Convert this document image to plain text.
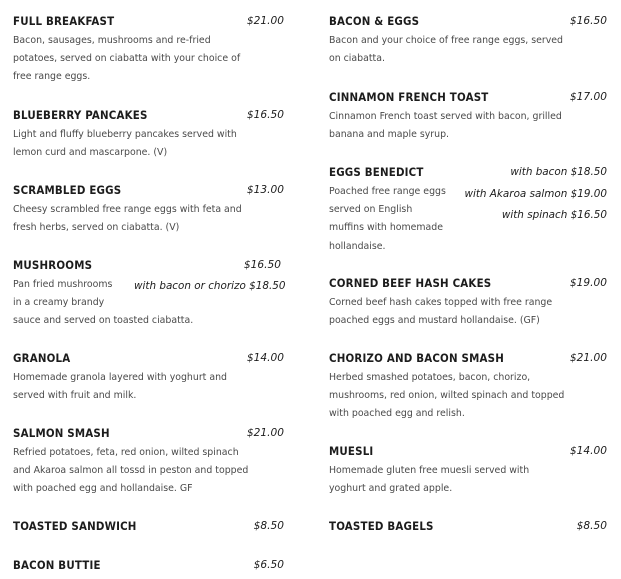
FULL BREAKFAST	$21.00
Bacon, sausages, mushrooms and re-fried
potatoes, served on ciabatta with your choice of
free range eggs.
BLUEBERRY PANCAKES	$16.50
Light and fluffy blueberry pancakes served with
lemon curd and mascarpone. (V)
SCRAMBLED EGGS	$13.00
Cheesy scrambled free range eggs with feta and
fresh herbs, served on ciabatta. (V)
MUSHROOMS	$16.50
with bacon or chorizo $18.50
Pan fried mushrooms
in a creamy brandy
sauce and served on toasted ciabatta.
GRANOLA	$14.00
Homemade granola layered with yoghurt and
served with fruit and milk.
SALMON SMASH	$21.00
Refried potatoes, feta, red onion, wilted spinach
and Akaroa salmon all tossd in peston and topped
with poached egg and hollandaise. GF
TOASTED SANDWICH	$8.50
BACON BUTTIE	$6.50
BACON & EGGS	$16.50
Bacon and your choice of free range eggs, served
on ciabatta.
CINNAMON FRENCH TOAST	$17.00
Cinnamon French toast served with bacon, grilled
banana and maple syrup.
EGGS BENEDICT	with bacon $18.50
with Akaroa salmon $19.00
with spinach $16.50
Poached free range eggs
served on English
muffins with homemade
hollandaise.
CORNED BEEF HASH CAKES	$19.00
Corned beef hash cakes topped with free range
poached eggs and mustard hollandaise. (GF)
CHORIZO AND BACON SMASH	$21.00
Herbed smashed potatoes, bacon, chorizo,
mushrooms, red onion, wilted spinach and topped
with poached egg and relish.
MUESLI	$14.00
Homemade gluten free muesli served with
yoghurt and grated apple.
TOASTED BAGELS	$8.50
